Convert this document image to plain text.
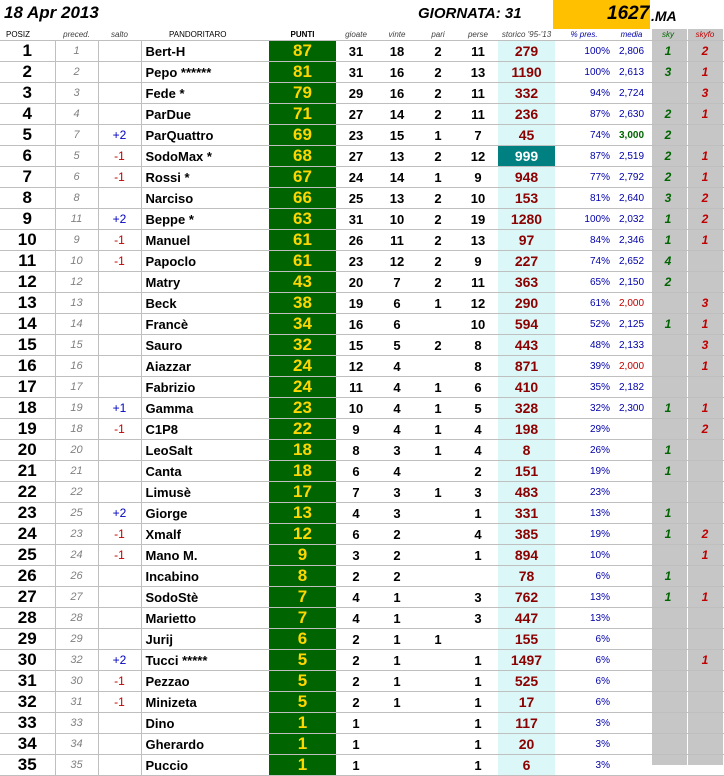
18 Apr 2013	GIORNATA: 31	1627 .MA
POSIZ	preced.	salto	PANDORITARO	PUNTI	gioate	vinte	pari	perse	storico '95-'13	% pres.	media	sky	skyfo
1	1		Bert-H	87	31	18	2	11	279	100%	2,806	1	2
2	2		Pepo ******	81	31	16	2	13	1190	100%	2,613	3	1
3	3		Fede *	79	29	16	2	11	332	94%	2,724		3
4	4		ParDue	71	27	14	2	11	236	87%	2,630	2	1
5	7	+2	ParQuattro	69	23	15	1	7	45	74%	3,000	2	
6	5	-1	SodoMax *	68	27	13	2	12	999	87%	2,519	2	1
7	6	-1	Rossi *	67	24	14	1	9	948	77%	2,792	2	1
8	8		Narciso	66	25	13	2	10	153	81%	2,640	3	2
9	11	+2	Beppe *	63	31	10	2	19	1280	100%	2,032	1	2
10	9	-1	Manuel	61	26	11	2	13	97	84%	2,346	1	1
11	10	-1	Papoclo	61	23	12	2	9	227	74%	2,652	4	
12	12		Matry	43	20	7	2	11	363	65%	2,150	2	
13	13		Beck	38	19	6	1	12	290	61%	2,000		3
14	14		Francè	34	16	6		10	594	52%	2,125	1	1
15	15		Sauro	32	15	5	2	8	443	48%	2,133		3
16	16		Aiazzar	24	12	4		8	871	39%	2,000		1
17	17		Fabrizio	24	11	4	1	6	410	35%	2,182		
18	19	+1	Gamma	23	10	4	1	5	328	32%	2,300	1	1
19	18	-1	C1P8	22	9	4	1	4	198	29%			2
20	20		LeoSalt	18	8	3	1	4	8	26%		1	
21	21		Canta	18	6	4		2	151	19%		1	
22	22		Limusè	17	7	3	1	3	483	23%			
23	25	+2	Giorge	13	4	3		1	331	13%		1	
24	23	-1	Xmalf	12	6	2		4	385	19%		1	2
25	24	-1	Mano M.	9	3	2		1	894	10%			1
26	26		Incabino	8	2	2			78	6%		1	
27	27		SodoStè	7	4	1		3	762	13%		1	1
28	28		Marietto	7	4	1		3	447	13%			
29	29		Jurij	6	2	1	1		155	6%			
30	32	+2	Tucci *****	5	2	1		1	1497	6%			1
31	30	-1	Pezzao	5	2	1		1	525	6%			
32	31	-1	Minizeta	5	2	1		1	17	6%			
33	33		Dino	1	1			1	117	3%			
34	34		Gherardo	1	1			1	20	3%			
35	35		Puccio	1	1			1	6	3%			
